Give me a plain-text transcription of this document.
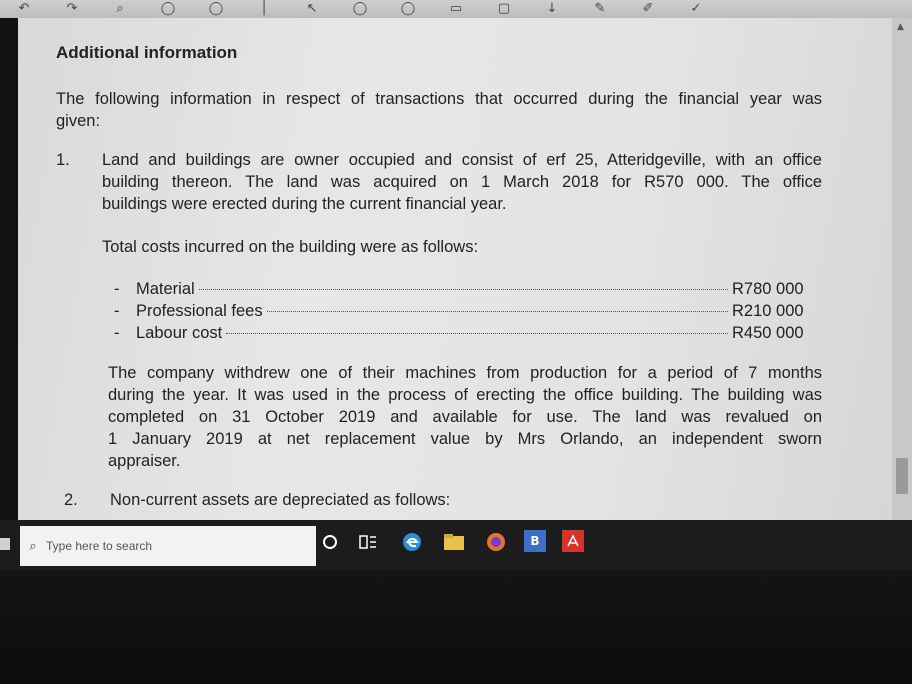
↶	↷	⌕	◯	◯	│	↖	◯	◯	▭	▢	↓	✎	✐	✓
Additional information
The following information in respect of transactions that occurred during the financial year was
given:
1. Land and buildings are owner occupied and consist of erf 25, Atteridgeville, with an office
building thereon. The land was acquired on 1 March 2018 for R570 000. The office
buildings were erected during the current financial year.
Total costs incurred on the building were as follows:
-	Material	R780 000
-	Professional fees	R210 000
-	Labour cost	R450 000
The company withdrew one of their machines from production for a period of 7 months
during the year. It was used in the process of erecting the office building. The building was
completed on 31 October 2019 and available for use. The land was revalued on
1 January 2019 at net replacement value by Mrs Orlando, an independent sworn
appraiser.
2. Non-current assets are depreciated as follows:
▲
⌕ Type here to search	B
